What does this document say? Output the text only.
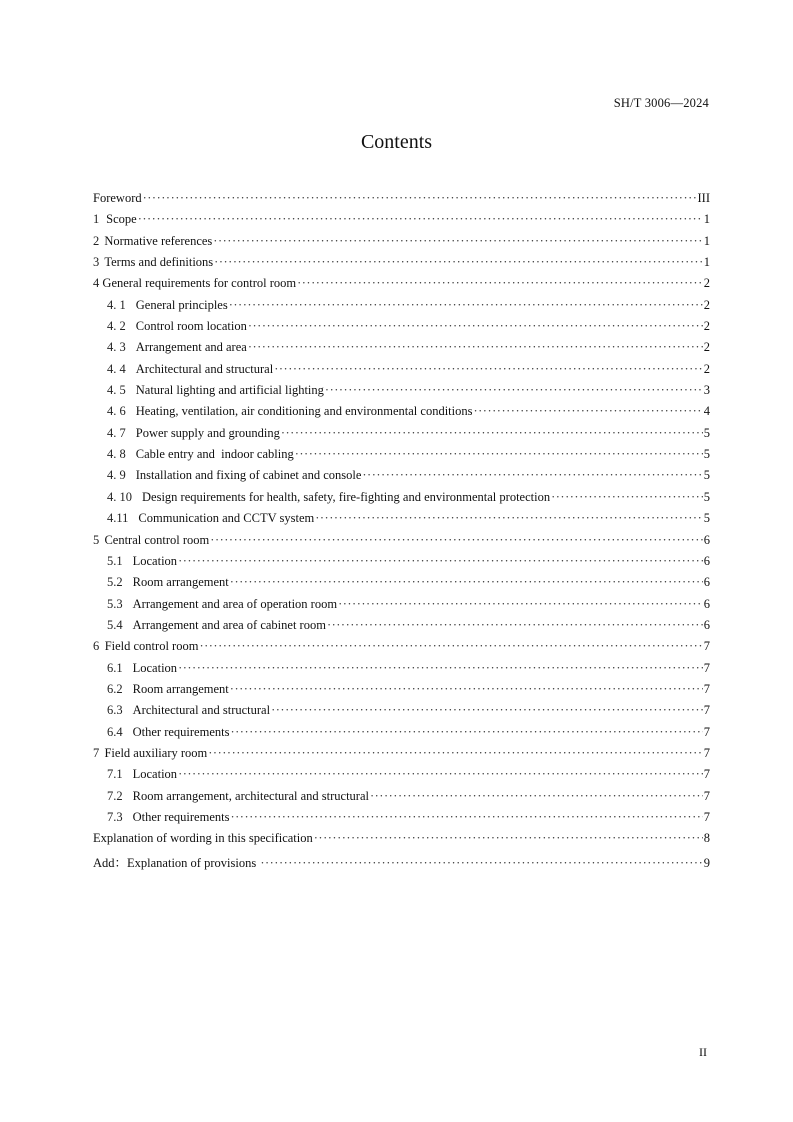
SH/T 3006—2024
Contents
Foreword ·····	III
1 Scope ·····	1
2 Normative references ·····	1
3 Terms and definitions ·····	1
4 General requirements for control room ·····	2
4. 1 General principles ·····	2
4. 2 Control room location ·····	2
4. 3 Arrangement and area ·····	2
4. 4 Architectural and structural ·····	2
4. 5 Natural lighting and artificial lighting ·····	3
4. 6 Heating, ventilation, air conditioning and environmental conditions ·····	4
4. 7 Power supply and grounding ·····	5
4. 8 Cable entry and  indoor cabling ·····	5
4. 9 Installation and fixing of cabinet and console ·····	5
4. 10 Design requirements for health, safety, fire-fighting and environmental protection ·····	5
4.11 Communication and CCTV system ·····	5
5 Central control room ·····	6
5.1 Location ·····	6
5.2 Room arrangement ·····	6
5.3 Arrangement and area of operation room ·····	6
5.4 Arrangement and area of cabinet room ·····	6
6 Field control room ·····	7
6.1 Location ·····	7
6.2 Room arrangement ·····	7
6.3 Architectural and structural ·····	7
6.4 Other requirements ·····	7
7 Field auxiliary room ·····	7
7.1 Location ·····	7
7.2 Room arrangement, architectural and structural ·····	7
7.3 Other requirements ·····	7
Explanation of wording in this specification ·····	8
Add：Explanation of provisions ·····	9
II
